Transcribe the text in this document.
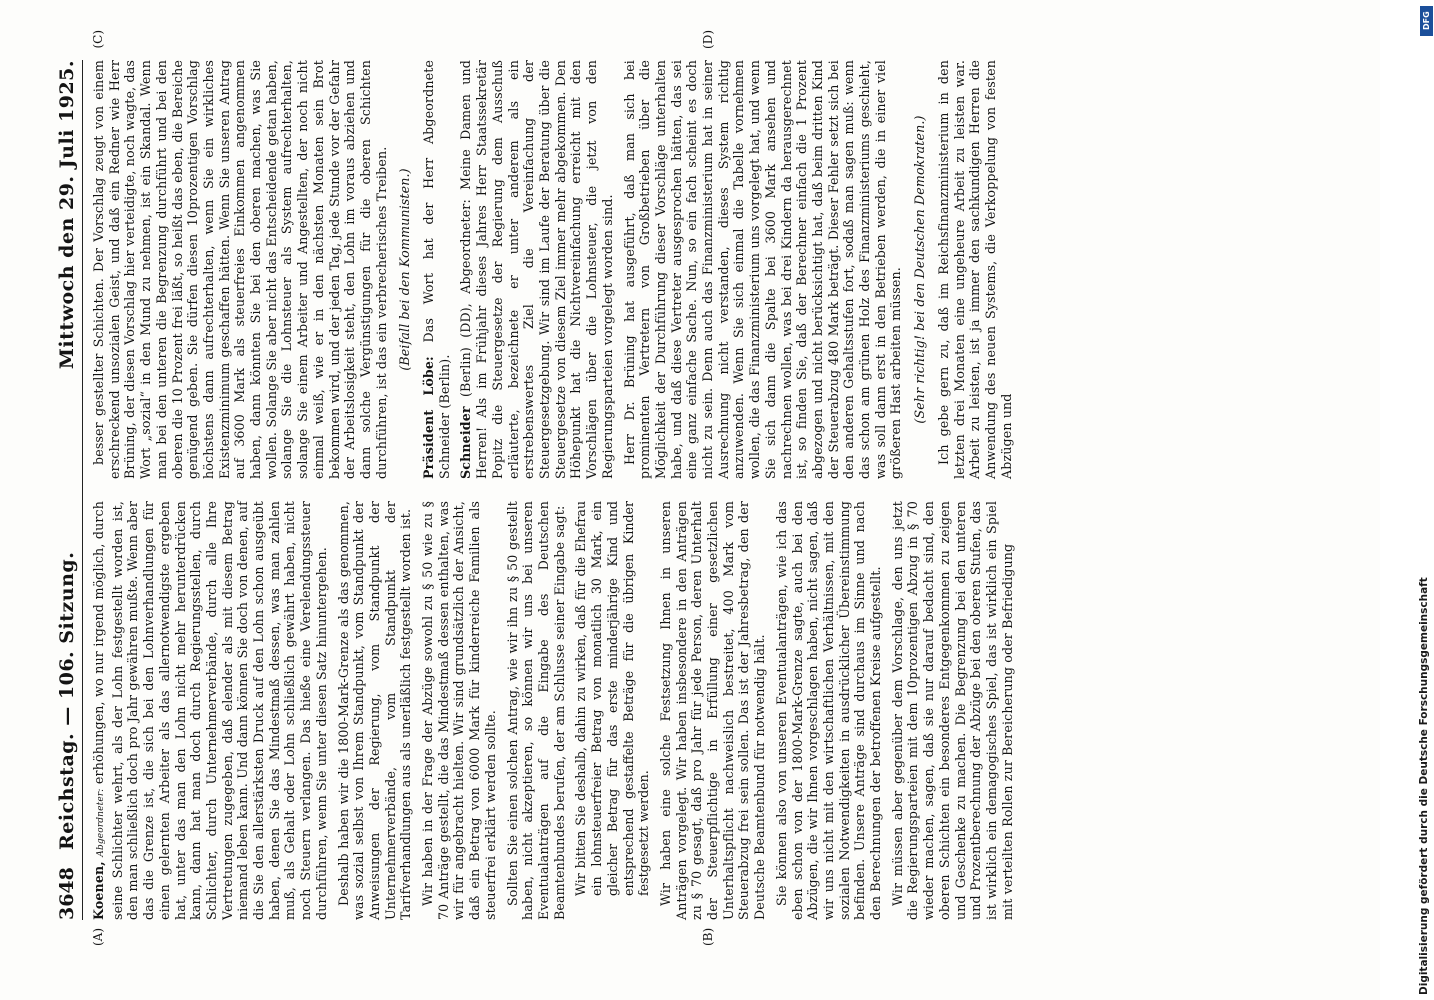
3648
Reichstag. — 106. Sitzung.
Mittwoch den 29. Juli 1925.
(A)	(B)

Koenen, Abgeordneter: erhöhungen, wo nur irgend möglich, durch seine Schlichter wehrt, als der Lohn festgestellt worden ist, den man schließlich doch pro Jahr gewähren mußte. Wenn aber das die Grenze ist, die sich bei den Lohnverhandlungen für einen gelernten Arbeiter als das allernotwendigste ergeben hat, unter das man den Lohn nicht mehr herunterdrücken kann, dann hat man doch durch Regierungsstellen, durch Schlichter, durch Unternehmerverbände, durch alle Ihre Vertretungen zugegeben, daß elender als mit diesem Betrag niemand leben kann. Und dann können Sie doch von denen, auf die Sie den allerstärksten Druck auf den Lohn schon ausgeübt haben, denen Sie das Mindestmaß dessen, was man zahlen muß, als Gehalt oder Lohn schließlich gewährt haben, nicht noch Steuern verlangen. Das hieße eine Verelendungssteuer durchführen, wenn Sie unter diesen Satz hinuntergehen. Deshalb haben wir die 1800-Mark-Grenze als das genommen, was sozial selbst von Ihrem Standpunkt, vom Standpunkt der Anweisungen der Regierung, vom Standpunkt der Unternehmerverbände, vom Standpunkt der Tarifverhandlungen aus als unerläßlich festgestellt worden ist. Wir haben in der Frage der Abzüge sowohl zu § 50 wie zu § 70 Anträge gestellt, die das Mindestmaß dessen enthalten, was wir für angebracht hielten. Wir sind grundsätzlich der Ansicht, daß ein Betrag von 6000 Mark für kinderreiche Familien als steuerfrei erklärt werden sollte. Sollten Sie einen solchen Antrag, wie wir ihn zu § 50 gestellt haben, nicht akzeptieren, so können wir uns bei unseren Eventualanträgen auf die Eingabe des Deutschen Beamtenbundes berufen, der am Schlusse seiner Eingabe sagt: Wir bitten Sie deshalb, dahin zu wirken, daß für die Ehefrau ein lohnsteuerfreier Betrag von monatlich 30 Mark, ein gleicher Betrag für das erste minderjährige Kind und entsprechend gestaffelte Beträge für die übrigen Kinder festgesetzt werden. Wir haben eine solche Festsetzung Ihnen in unseren Anträgen vorgelegt. Wir haben insbesondere in den Anträgen zu § 70 gesagt, daß pro Jahr für jede Person, deren Unterhalt der Steuerpflichtige in Erfüllung einer gesetzlichen Unterhaltspflicht nachweislich bestreitet, 400 Mark vom Steuerabzug frei sein sollen. Das ist der Jahresbetrag, den der Deutsche Beamtenbund für notwendig hält. Sie können also von unseren Eventualanträgen, wie ich das eben schon von der 1800-Mark-Grenze sagte, auch bei den Abzügen, die wir Ihnen vorgeschlagen haben, nicht sagen, daß wir uns nicht mit den wirtschaftlichen Verhältnissen, mit den sozialen Notwendigkeiten in ausdrücklicher Übereinstimmung befinden. Unsere Anträge sind durchaus im Sinne und nach den Berechnungen der betroffenen Kreise aufgestellt. Wir müssen aber gegenüber dem Vorschlage, den uns jetzt die Regierungsparteien mit dem 10prozentigen Abzug in § 70 wieder machen, sagen, daß sie nur darauf bedacht sind, den oberen Schichten ein besonderes Entgegenkommen zu zeigen und Geschenke zu machen. Die Begrenzung bei den unteren und Prozentberechnung der Abzüge bei den oberen Stufen, das ist wirklich ein demagogisches Spiel, das ist wirklich ein Spiel mit verteilten Rollen zur Bereicherung oder Befriedigung

(C)	(D)

besser gestellter Schichten. Der Vorschlag zeugt von einem erschreckend unsozialen Geist, und daß ein Redner wie Herr Brüning, der diesen Vorschlag hier verteidigte, noch wagte, das Wort „sozial“ in den Mund zu nehmen, ist ein Skandal. Wenn man bei den unteren die Begrenzung durchführt und bei den oberen die 10 Prozent frei läßt, so heißt das eben, die Bereiche genügend geben. Sie dürfen diesen 10prozentigen Vorschlag höchstens dann aufrechterhalten, wenn Sie ein wirkliches Existenzminimum geschaffen hätten. Wenn Sie unseren Antrag auf 3600 Mark als steuerfreies Einkommen angenommen haben, dann könnten Sie bei den oberen machen, was Sie wollen. Solange Sie aber nicht das Entscheidende getan haben, solange Sie die Lohnsteuer als System aufrechterhalten, solange Sie einem Arbeiter und Angestellten, der noch nicht einmal weiß, wie er in den nächsten Monaten sein Brot bekommen wird, und der jeden Tag, jede Stunde vor der Gefahr der Arbeitslosigkeit steht, den Lohn im voraus abziehen und dann solche Vergünstigungen für die oberen Schichten durchführen, ist das ein verbrecherisches Treiben. (Beifall bei den Kommunisten.)

Präsident Löbe: Das Wort hat der Herr Abgeordnete Schneider (Berlin). Schneider (Berlin) (DD), Abgeordneter: Meine Damen und Herren! Als im Frühjahr dieses Jahres Herr Staatssekretär Popitz die Steuergesetze der Regierung dem Ausschuß erläuterte, bezeichnete er unter anderem als ein erstrebenswertes Ziel die Vereinfachung der Steuergesetzgebung. Wir sind im Laufe der Beratung über die Steuergesetze von diesem Ziel immer mehr abgekommen. Den Höhepunkt hat die Nichtvereinfachung erreicht mit den Vorschlägen über die Lohnsteuer, die jetzt von den Regierungsparteien vorgelegt worden sind. Herr Dr. Brüning hat ausgeführt, daß man sich bei prominenten Vertretern von Großbetrieben über die Möglichkeit der Durchführung dieser Vorschläge unterhalten habe, und daß diese Vertreter ausgesprochen hätten, das sei eine ganz einfache Sache. Nun, so ein fach scheint es doch nicht zu sein. Denn auch das Finanzministerium hat in seiner Ausrechnung nicht verstanden, dieses System richtig anzuwenden. Wenn Sie sich einmal die Tabelle vornehmen wollen, die das Finanzministerium uns vorgelegt hat, und wenn Sie sich dann die Spalte bei 3600 Mark ansehen und nachrechnen wollen, was bei drei Kindern da herausgerechnet ist, so finden Sie, daß der Berechner einfach die 1 Prozent abgezogen und nicht berücksichtigt hat, daß beim dritten Kind der Steuerabzug 480 Mark beträgt. Dieser Fehler setzt sich bei den anderen Gehaltsstufen fort, sodaß man sagen muß: wenn das schon am grünen Holz des Finanzministeriums geschieht, was soll dann erst in den Betrieben werden, die in einer viel größeren Hast arbeiten müssen. (Sehr richtig! bei den Deutschen Demokraten.) Ich gebe gern zu, daß im Reichsfinanzministerium in den letzten drei Monaten eine ungeheure Arbeit zu leisten war. Arbeit zu leisten, ist ja immer den sachkundigen Herren die Anwendung des neuen Systems, die Verkoppelung von festen Abzügen und

DFG
Digitalisierung gefördert durch die Deutsche Forschungsgemeinschaft
